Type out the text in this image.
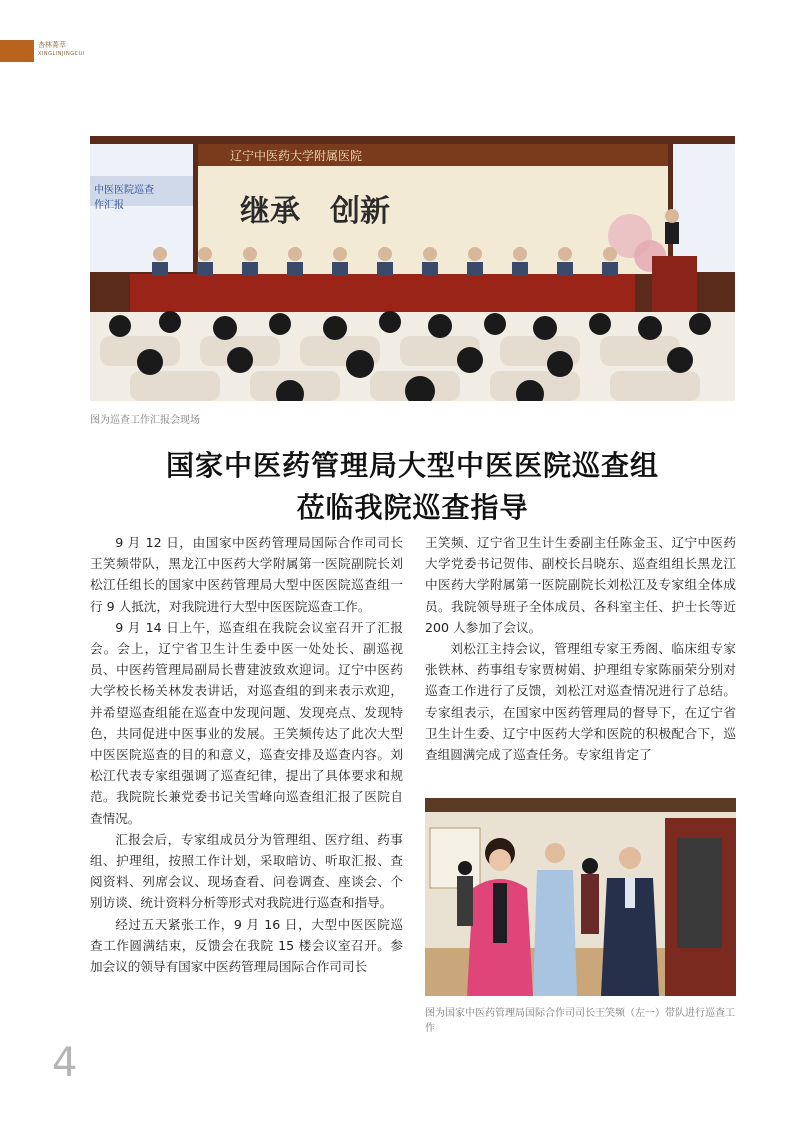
杏林菁萃
XINGLINJINGCUI
中医医院巡查
作汇报
辽宁中医药大学附属医院
继承　创新
图为巡查工作汇报会现场
国家中医药管理局大型中医医院巡查组
莅临我院巡查指导

9 月 12 日，由国家中医药管理局国际合作司司长王笑频带队，黑龙江中医药大学附属第一医院副院长刘松江任组长的国家中医药管理局大型中医医院巡查组一行 9 人抵沈，对我院进行大型中医医院巡查工作。

9 月 14 日上午，巡查组在我院会议室召开了汇报会。会上，辽宁省卫生计生委中医一处处长、副巡视员、中医药管理局副局长曹建波致欢迎词。辽宁中医药大学校长杨关林发表讲话，对巡查组的到来表示欢迎，并希望巡查组能在巡查中发现问题、发现亮点、发现特色，共同促进中医事业的发展。王笑频传达了此次大型中医医院巡查的目的和意义，巡查安排及巡查内容。刘松江代表专家组强调了巡查纪律，提出了具体要求和规范。我院院长兼党委书记关雪峰向巡查组汇报了医院自查情况。

汇报会后，专家组成员分为管理组、医疗组、药事组、护理组，按照工作计划，采取暗访、听取汇报、查阅资料、列席会议、现场查看、问卷调查、座谈会、个别访谈、统计资料分析等形式对我院进行巡查和指导。

经过五天紧张工作，9 月 16 日，大型中医医院巡查工作圆满结束，反馈会在我院 15 楼会议室召开。参加会议的领导有国家中医药管理局国际合作司司长

王笑频、辽宁省卫生计生委副主任陈金玉、辽宁中医药大学党委书记贺伟、副校长吕晓东、巡查组组长黑龙江中医药大学附属第一医院副院长刘松江及专家组全体成员。我院领导班子全体成员、各科室主任、护士长等近 200 人参加了会议。

刘松江主持会议，管理组专家王秀阁、临床组专家张铁林、药事组专家贾树娟、护理组专家陈丽荣分别对巡查工作进行了反馈，刘松江对巡查情况进行了总结。专家组表示，在国家中医药管理局的督导下，在辽宁省卫生计生委、辽宁中医药大学和医院的积极配合下，巡查组圆满完成了巡查任务。专家组肯定了

图为国家中医药管理局国际合作司司长王笑频（左一）带队进行巡查工作
4
